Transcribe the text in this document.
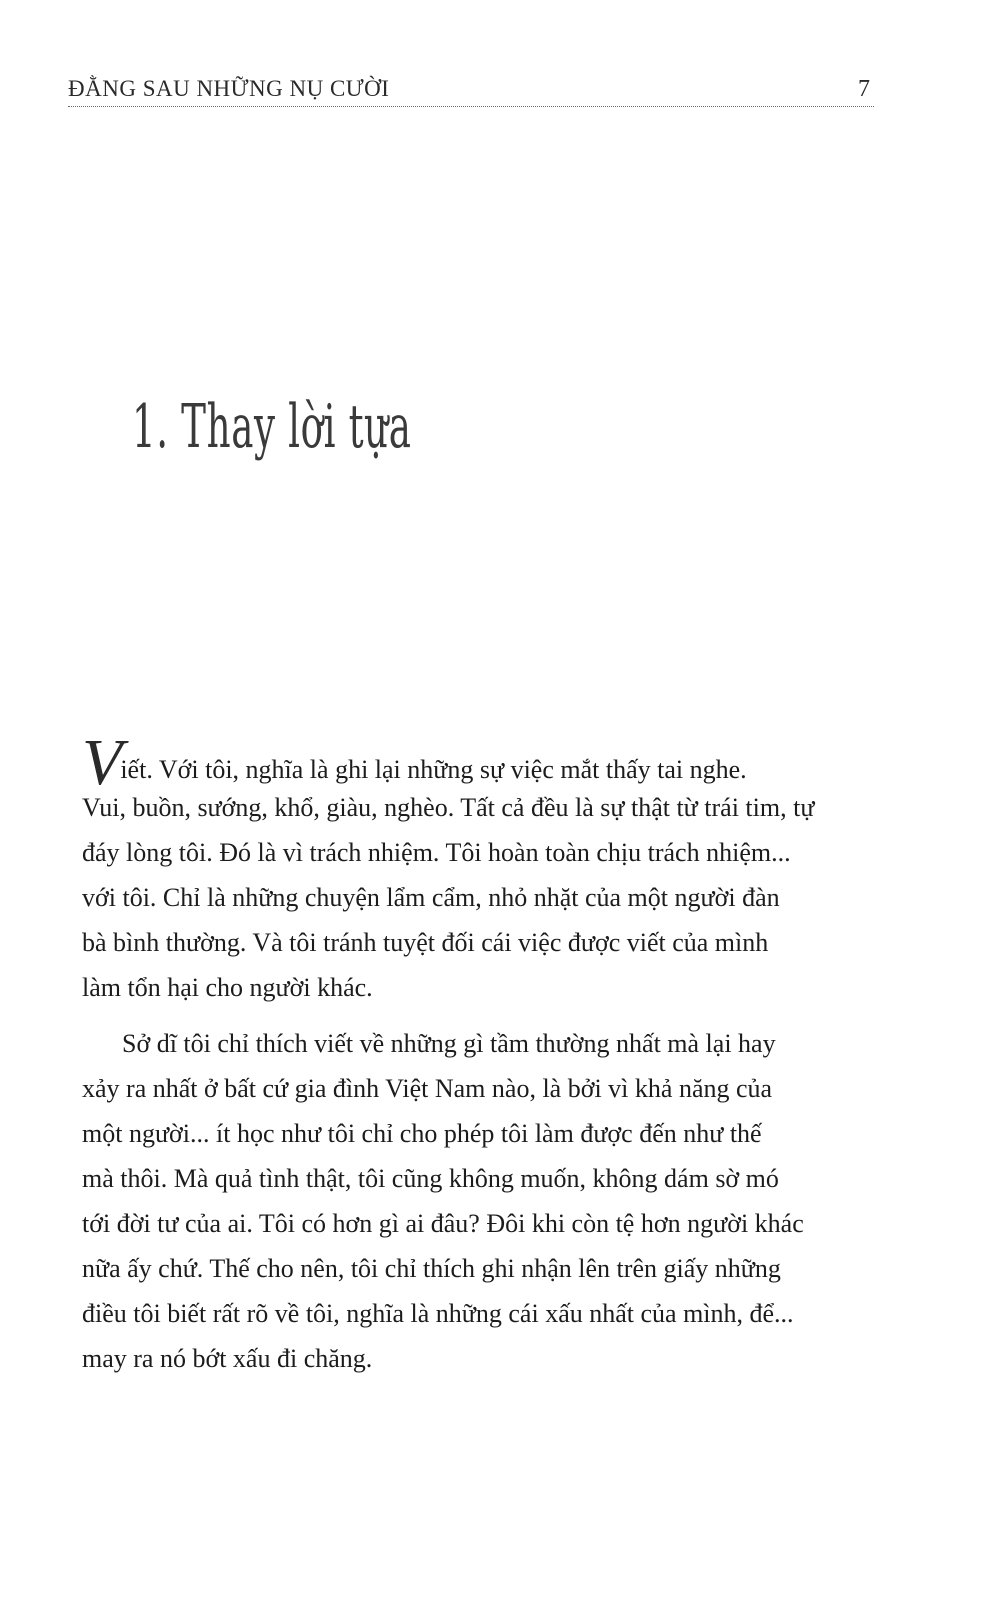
ĐẰNG SAU NHỮNG NỤ CƯỜI	7
1. Thay lời tựa
Viết. Với tôi, nghĩa là ghi lại những sự việc mắt thấy tai nghe.
Vui, buồn, sướng, khổ, giàu, nghèo. Tất cả đều là sự thật từ trái tim, tự
đáy lòng tôi. Đó là vì trách nhiệm. Tôi hoàn toàn chịu trách nhiệm...
với tôi. Chỉ là những chuyện lẩm cẩm, nhỏ nhặt của một người đàn
bà bình thường. Và tôi tránh tuyệt đối cái việc được viết của mình
làm tổn hại cho người khác.
Sở dĩ tôi chỉ thích viết về những gì tầm thường nhất mà lại hay
xảy ra nhất ở bất cứ gia đình Việt Nam nào, là bởi vì khả năng của
một người... ít học như tôi chỉ cho phép tôi làm được đến như thế
mà thôi. Mà quả tình thật, tôi cũng không muốn, không dám sờ mó
tới đời tư của ai. Tôi có hơn gì ai đâu? Đôi khi còn tệ hơn người khác
nữa ấy chứ. Thế cho nên, tôi chỉ thích ghi nhận lên trên giấy những
điều tôi biết rất rõ về tôi, nghĩa là những cái xấu nhất của mình, để...
may ra nó bớt xấu đi chăng.
